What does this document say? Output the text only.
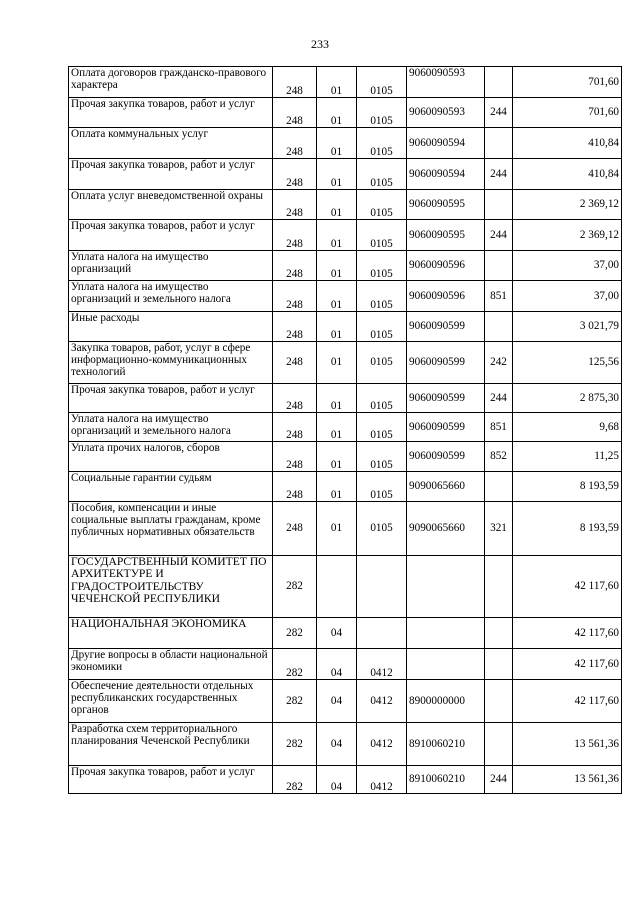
233
Оплата договоров гражданско-правового характера	248	01	0105	9060090593		701,60
Прочая закупка товаров, работ и услуг	248	01	0105	9060090593	244	701,60
Оплата коммунальных услуг	248	01	0105	9060090594		410,84
Прочая закупка товаров, работ и услуг	248	01	0105	9060090594	244	410,84
Оплата услуг вневедомственной охраны	248	01	0105	9060090595		2 369,12
Прочая закупка товаров, работ и услуг	248	01	0105	9060090595	244	2 369,12
Уплата налога на имущество организаций	248	01	0105	9060090596		37,00
Уплата налога на имущество организаций и земельного налога	248	01	0105	9060090596	851	37,00
Иные расходы	248	01	0105	9060090599		3 021,79
Закупка товаров, работ, услуг в сфере информационно-коммуникационных технологий	248	01	0105	9060090599	242	125,56
Прочая закупка товаров, работ и услуг	248	01	0105	9060090599	244	2 875,30
Уплата налога на имущество организаций и земельного налога	248	01	0105	9060090599	851	9,68
Уплата прочих налогов, сборов	248	01	0105	9060090599	852	11,25
Социальные гарантии судьям	248	01	0105	9090065660		8 193,59
Пособия, компенсации и иные социальные выплаты гражданам, кроме публичных нормативных обязательств	248	01	0105	9090065660	321	8 193,59
ГОСУДАРСТВЕННЫЙ КОМИТЕТ ПО АРХИТЕКТУРЕ И ГРАДОСТРОИТЕЛЬСТВУ ЧЕЧЕНСКОЙ РЕСПУБЛИКИ	282					42 117,60
НАЦИОНАЛЬНАЯ ЭКОНОМИКА	282	04				42 117,60
Другие вопросы в области национальной экономики	282	04	0412			42 117,60
Обеспечение деятельности отдельных республиканских государственных органов	282	04	0412	8900000000		42 117,60
Разработка схем территориального планирования Чеченской Республики	282	04	0412	8910060210		13 561,36
Прочая закупка товаров, работ и услуг	282	04	0412	8910060210	244	13 561,36
